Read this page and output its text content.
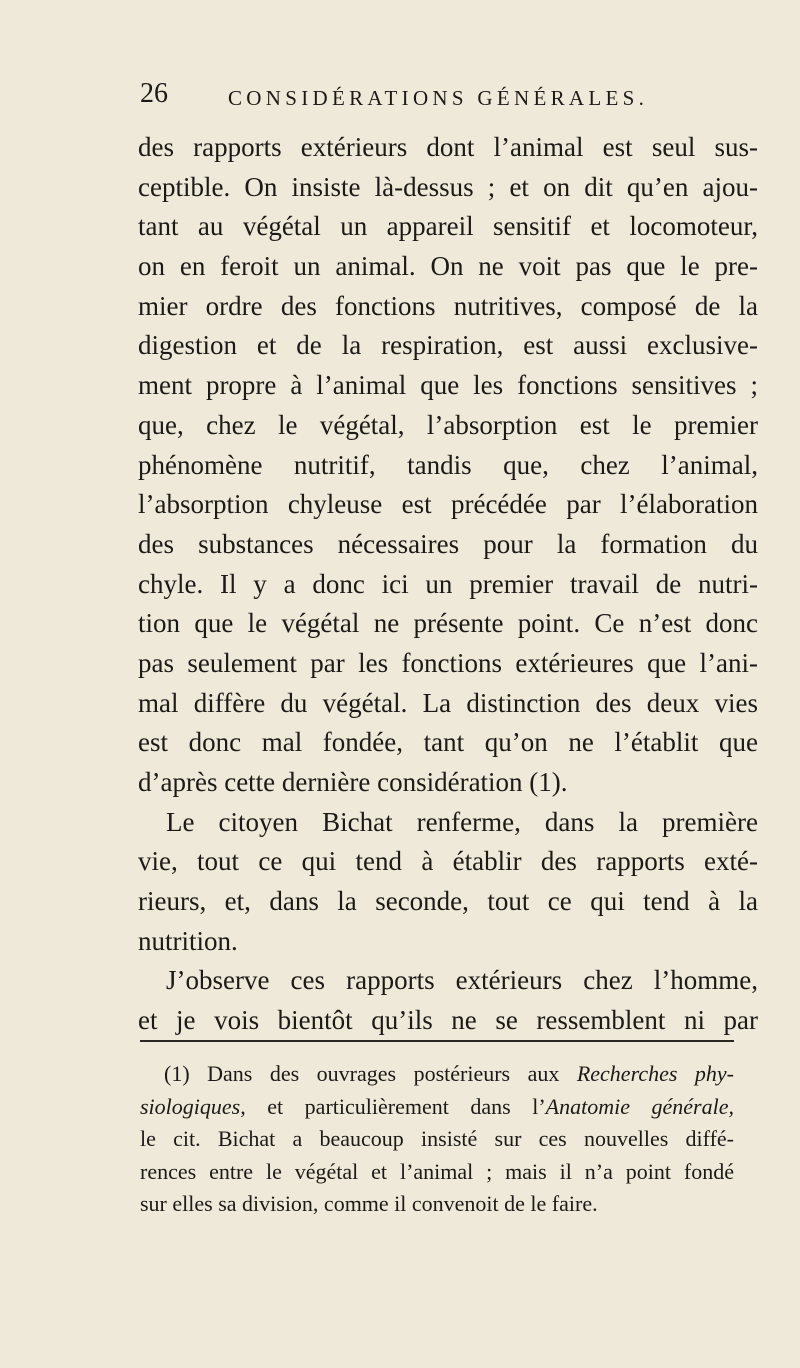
26	CONSIDÉRATIONS GÉNÉRALES.
des rapports extérieurs dont l’animal est seul sus-
ceptible. On insiste là-dessus ; et on dit qu’en ajou-
tant au végétal un appareil sensitif et locomoteur,
on en feroit un animal. On ne voit pas que le pre-
mier ordre des fonctions nutritives, composé de la
digestion et de la respiration, est aussi exclusive-
ment propre à l’animal que les fonctions sensitives ;
que, chez le végétal, l’absorption est le premier
phénomène nutritif, tandis que, chez l’animal,
l’absorption chyleuse est précédée par l’élaboration
des substances nécessaires pour la formation du
chyle. Il y a donc ici un premier travail de nutri-
tion que le végétal ne présente point. Ce n’est donc
pas seulement par les fonctions extérieures que l’ani-
mal diffère du végétal. La distinction des deux vies
est donc mal fondée, tant qu’on ne l’établit que
d’après cette dernière considération (1).
Le citoyen Bichat renferme, dans la première
vie, tout ce qui tend à établir des rapports exté-
rieurs, et, dans la seconde, tout ce qui tend à la
nutrition.
J’observe ces rapports extérieurs chez l’homme,
et je vois bientôt qu’ils ne se ressemblent ni par
(1) Dans des ouvrages postérieurs aux Recherches phy-
siologiques, et particulièrement dans l’Anatomie générale,
le cit. Bichat a beaucoup insisté sur ces nouvelles diffé-
rences entre le végétal et l’animal ; mais il n’a point fondé
sur elles sa division, comme il convenoit de le faire.
